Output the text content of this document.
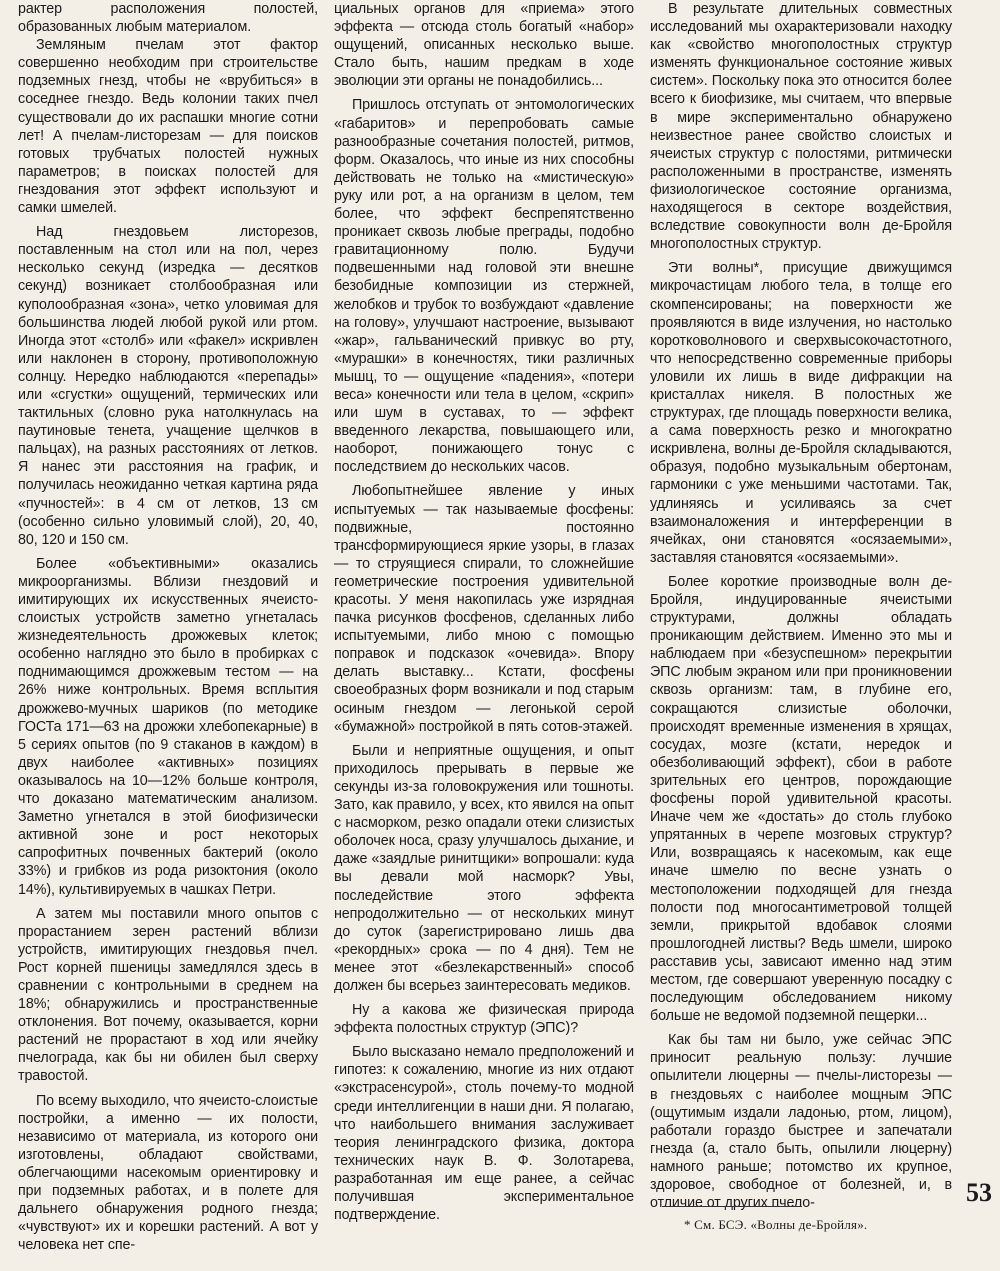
рактер расположения полостей, образованных любым материалом.

Земляным пчелам этот фактор совершенно необходим при строительстве подземных гнезд, чтобы не «врубиться» в соседнее гнездо. Ведь колонии таких пчел существовали до их распашки многие сотни лет! А пчелам-листорезам — для поисков готовых трубчатых полостей нужных параметров; в поисках полостей для гнездования этот эффект используют и самки шмелей.

Над гнездовьем листорезов, поставленным на стол или на пол, через несколько секунд (изредка — десятков секунд) возникает столбообразная или куполообразная «зона», четко уловимая для большинства людей любой рукой или ртом. Иногда этот «столб» или «факел» искривлен или наклонен в сторону, противоположную солнцу. Нередко наблюдаются «перепады» или «сгустки» ощущений, термических или тактильных (словно рука натолкнулась на паутиновые тенета, учащение щелчков в пальцах), на разных расстояниях от летков. Я нанес эти расстояния на график, и получилась неожиданно четкая картина ряда «пучностей»: в 4 см от летков, 13 см (особенно сильно уловимый слой), 20, 40, 80, 120 и 150 см.

Более «объективными» оказались микроорганизмы. Вблизи гнездовий и имитирующих их искусственных ячеисто-слоистых устройств заметно угнеталась жизнедеятельность дрожжевых клеток; особенно наглядно это было в пробирках с поднимающимся дрожжевым тестом — на 26% ниже контрольных. Время всплытия дрожжево-мучных шариков (по методике ГОСТа 171—63 на дрожжи хлебопекарные) в 5 сериях опытов (по 9 стаканов в каждом) в двух наиболее «активных» позициях оказывалось на 10—12% больше контроля, что доказано математическим анализом. Заметно угнетался в этой биофизически активной зоне и рост некоторых сапрофитных почвенных бактерий (около 33%) и грибков из рода ризоктония (около 14%), культивируемых в чашках Петри.

А затем мы поставили много опытов с прорастанием зерен растений вблизи устройств, имитирующих гнездовья пчел. Рост корней пшеницы замедлялся здесь в сравнении с контрольными в среднем на 18%; обнаружились и пространственные отклонения. Вот почему, оказывается, корни растений не прорастают в ход или ячейку пчелограда, как бы ни обилен был сверху травостой.

По всему выходило, что ячеисто-слоистые постройки, а именно — их полости, независимо от материала, из которого они изготовлены, обладают свойствами, облегчающими насекомым ориентировку и при подземных работах, и в полете для дальнего обнаружения родного гнезда; «чувствуют» их и корешки растений. А вот у человека нет спе-

циальных органов для «приема» этого эффекта — отсюда столь богатый «набор» ощущений, описанных несколько выше. Стало быть, нашим предкам в ходе эволюции эти органы не понадобились...

Пришлось отступать от энтомологических «габаритов» и перепробовать самые разнообразные сочетания полостей, ритмов, форм. Оказалось, что иные из них способны действовать не только на «мистическую» руку или рот, а на организм в целом, тем более, что эффект беспрепятственно проникает сквозь любые преграды, подобно гравитационному полю. Будучи подвешенными над головой эти внешне безобидные композиции из стержней, желобков и трубок то возбуждают «давление на голову», улучшают настроение, вызывают «жар», гальванический привкус во рту, «мурашки» в конечностях, тики различных мышц, то — ощущение «падения», «потери веса» конечности или тела в целом, «скрип» или шум в суставах, то — эффект введенного лекарства, повышающего или, наоборот, понижающего тонус с последствием до нескольких часов.

Любопытнейшее явление у иных испытуемых — так называемые фосфены: подвижные, постоянно трансформирующиеся яркие узоры, в глазах — то струящиеся спирали, то сложнейшие геометрические построения удивительной красоты. У меня накопилась уже изрядная пачка рисунков фосфенов, сделанных либо испытуемыми, либо мною с помощью поправок и подсказок «очевида». Впору делать выставку... Кстати, фосфены своеобразных форм возникали и под старым осиным гнездом — легонькой серой «бумажной» постройкой в пять сотов-этажей.

Были и неприятные ощущения, и опыт приходилось прерывать в первые же секунды из-за головокружения или тошноты. Зато, как правило, у всех, кто явился на опыт с насморком, резко опадали отеки слизистых оболочек носа, сразу улучшалось дыхание, и даже «заядлые ринитщики» вопрошали: куда вы девали мой насморк? Увы, последействие этого эффекта непродолжительно — от нескольких минут до суток (зарегистрировано лишь два «рекордных» срока — по 4 дня). Тем не менее этот «безлекарственный» способ должен бы всерьез заинтересовать медиков.

Ну а какова же физическая природа эффекта полостных структур (ЭПС)?

Было высказано немало предположений и гипотез: к сожалению, многие из них отдают «экстрасенсурой», столь почему-то модной среди интеллигенции в наши дни. Я полагаю, что наибольшего внимания заслуживает теория ленинградского физика, доктора технических наук В. Ф. Золотарева, разработанная им еще ранее, а сейчас получившая экспериментальное подтверждение.

В результате длительных совместных исследований мы охарактеризовали находку как «свойство многополостных структур изменять функциональное состояние живых систем». Поскольку пока это относится более всего к биофизике, мы считаем, что впервые в мире экспериментально обнаружено неизвестное ранее свойство слоистых и ячеистых структур с полостями, ритмически расположенными в пространстве, изменять физиологическое состояние организма, находящегося в секторе воздействия, вследствие совокупности волн де-Бройля многополостных структур.

Эти волны*, присущие движущимся микрочастицам любого тела, в толще его скомпенсированы; на поверхности же проявляются в виде излучения, но настолько коротковолнового и сверхвысокочастотного, что непосредственно современные приборы уловили их лишь в виде дифракции на кристаллах никеля. В полостных же структурах, где площадь поверхности велика, а сама поверхность резко и многократно искривлена, волны де-Бройля складываются, образуя, подобно музыкальным обертонам, гармоники с уже меньшими частотами. Так, удлиняясь и усиливаясь за счет взаимоналожения и интерференции в ячейках, они становятся «осязаемыми», заставляя становятся «осязаемыми».

Более короткие производные волн де-Бройля, индуцированные ячеистыми структурами, должны обладать проникающим действием. Именно это мы и наблюдаем при «безуспешном» перекрытии ЭПС любым экраном или при проникновении сквозь организм: там, в глубине его, сокращаются слизистые оболочки, происходят временные изменения в хрящах, сосудах, мозге (кстати, нередок и обезболивающий эффект), сбои в работе зрительных его центров, порождающие фосфены порой удивительной красоты. Иначе чем же «достать» до столь глубоко упрятанных в черепе мозговых структур? Или, возвращаясь к насекомым, как еще иначе шмелю по весне узнать о местоположении подходящей для гнезда полости под многосантиметровой толщей земли, прикрытой вдобавок слоями прошлогодней листвы? Ведь шмели, широко расставив усы, зависают именно над этим местом, где совершают уверенную посадку с последующим обследованием никому больше не ведомой подземной пещерки...

Как бы там ни было, уже сейчас ЭПС приносит реальную пользу: лучшие опылители люцерны — пчелы-листорезы — в гнездовьях с наиболее мощным ЭПС (ощутимым издали ладонью, ртом, лицом), работали гораздо быстрее и запечатали гнезда (а, стало быть, опылили люцерну) намного раньше; потомство их крупное, здоровое, свободное от болезней, и, в отличие от других пчело-	53
* См. БСЭ. «Волны де-Бройля».
